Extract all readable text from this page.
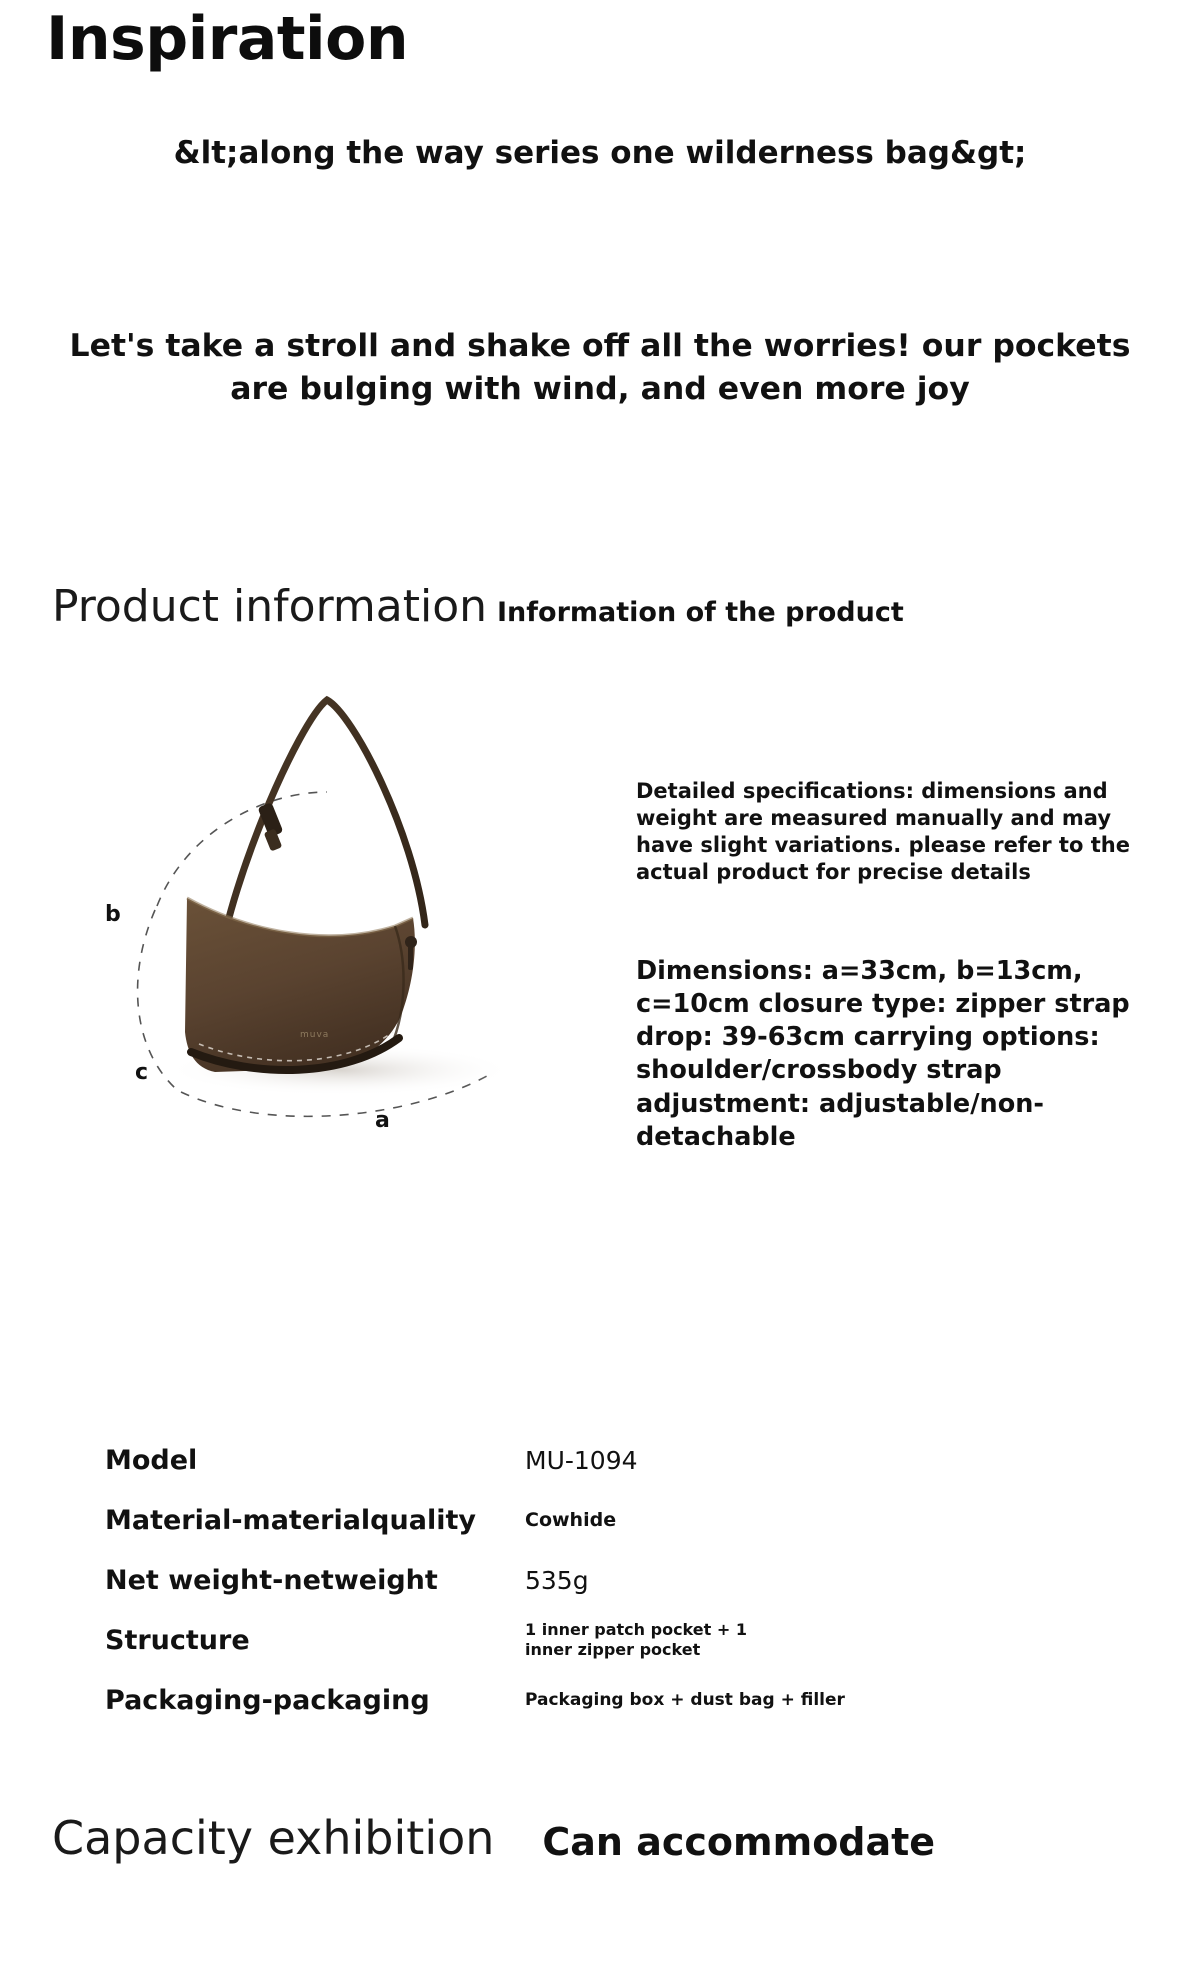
Inspiration
&lt;along the way series one wilderness bag&gt;
Let's take a stroll and shake off all the worries! our pockets are bulging with wind, and even more joy
Product information Information of the product
muva
b
c
a
Detailed specifications: dimensions and weight are measured manually and may have slight variations. please refer to the actual product for precise details
Dimensions: a=33cm, b=13cm, c=10cm closure type: zipper strap drop: 39-63cm carrying options: shoulder/crossbody strap adjustment: adjustable/non-detachable
Model	MU-1094
Material-materialquality	Cowhide
Net weight-netweight	535g
Structure	1 inner patch pocket + 1 inner zipper pocket
Packaging-packaging	Packaging box + dust bag + filler
Capacity exhibition Can accommodate
